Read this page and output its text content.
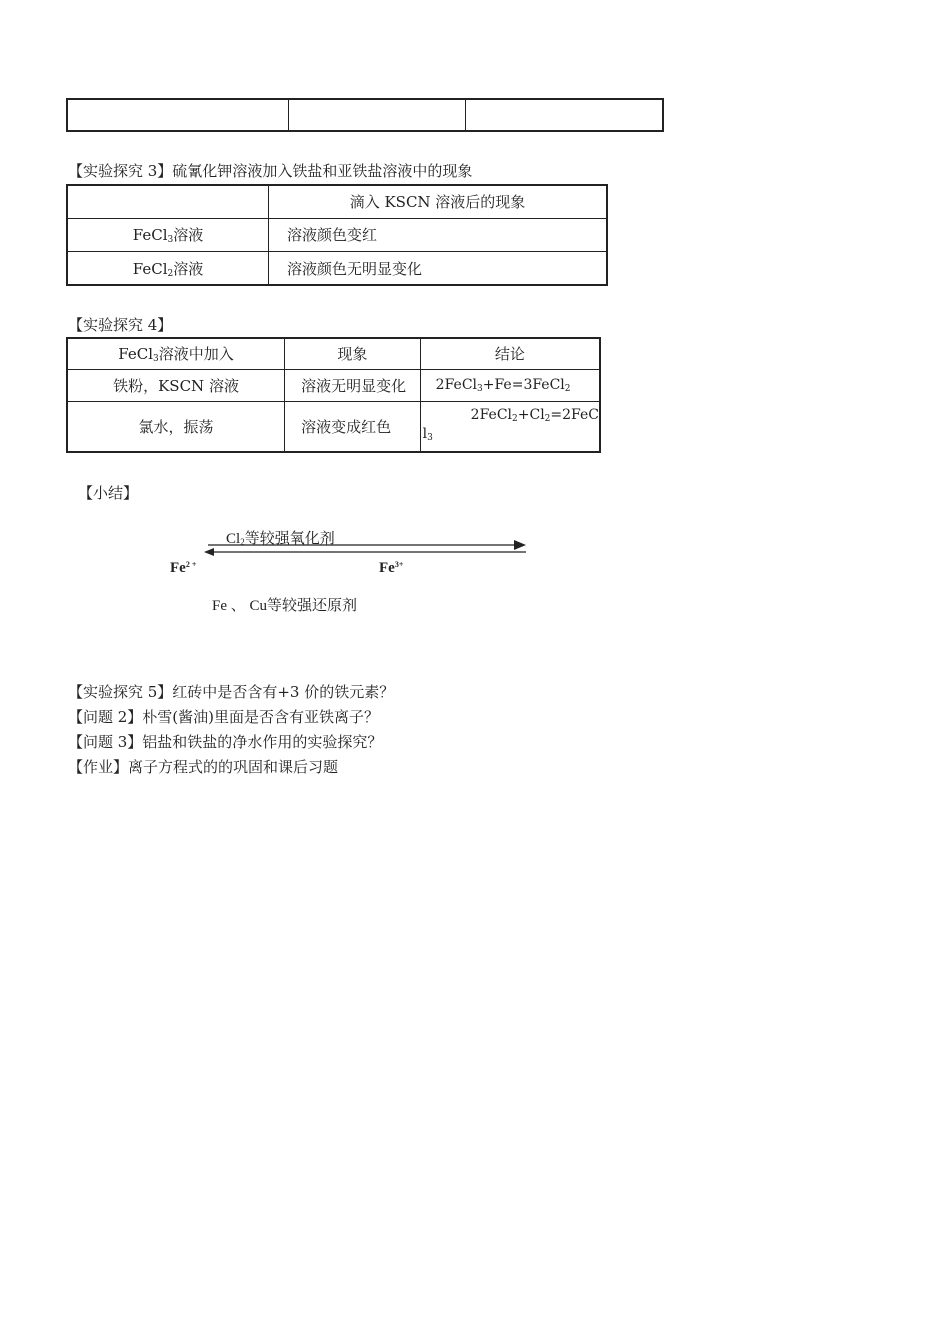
【实验探究 3】硫氰化钾溶液加入铁盐和亚铁盐溶液中的现象
	滴入 KSCN 溶液后的现象
FeCl$_3$溶液	溶液颜色变红
FeCl$_2$溶液	溶液颜色无明显变化
【实验探究 4】
FeCl$_3$溶液中加入	现象	结论
铁粉，KSCN 溶液	溶液无明显变化	2FeCl$_3$+Fe=3FeCl$_2$
氯水，振荡	溶液变成红色	$2FeCl_2+Cl_2=2FeC$
$l_3$
【小结】
$Cl_2$等较强氧化剂
$Fe^{2 +}$	$Fe^{3+}$
Fe 、 Cu等较强还原剂
【实验探究 5】红砖中是否含有+3 价的铁元素？
【问题 2】朴雪(酱油)里面是否含有亚铁离子？
【问题 3】铝盐和铁盐的净水作用的实验探究？
【作业】离子方程式的的巩固和课后习题
